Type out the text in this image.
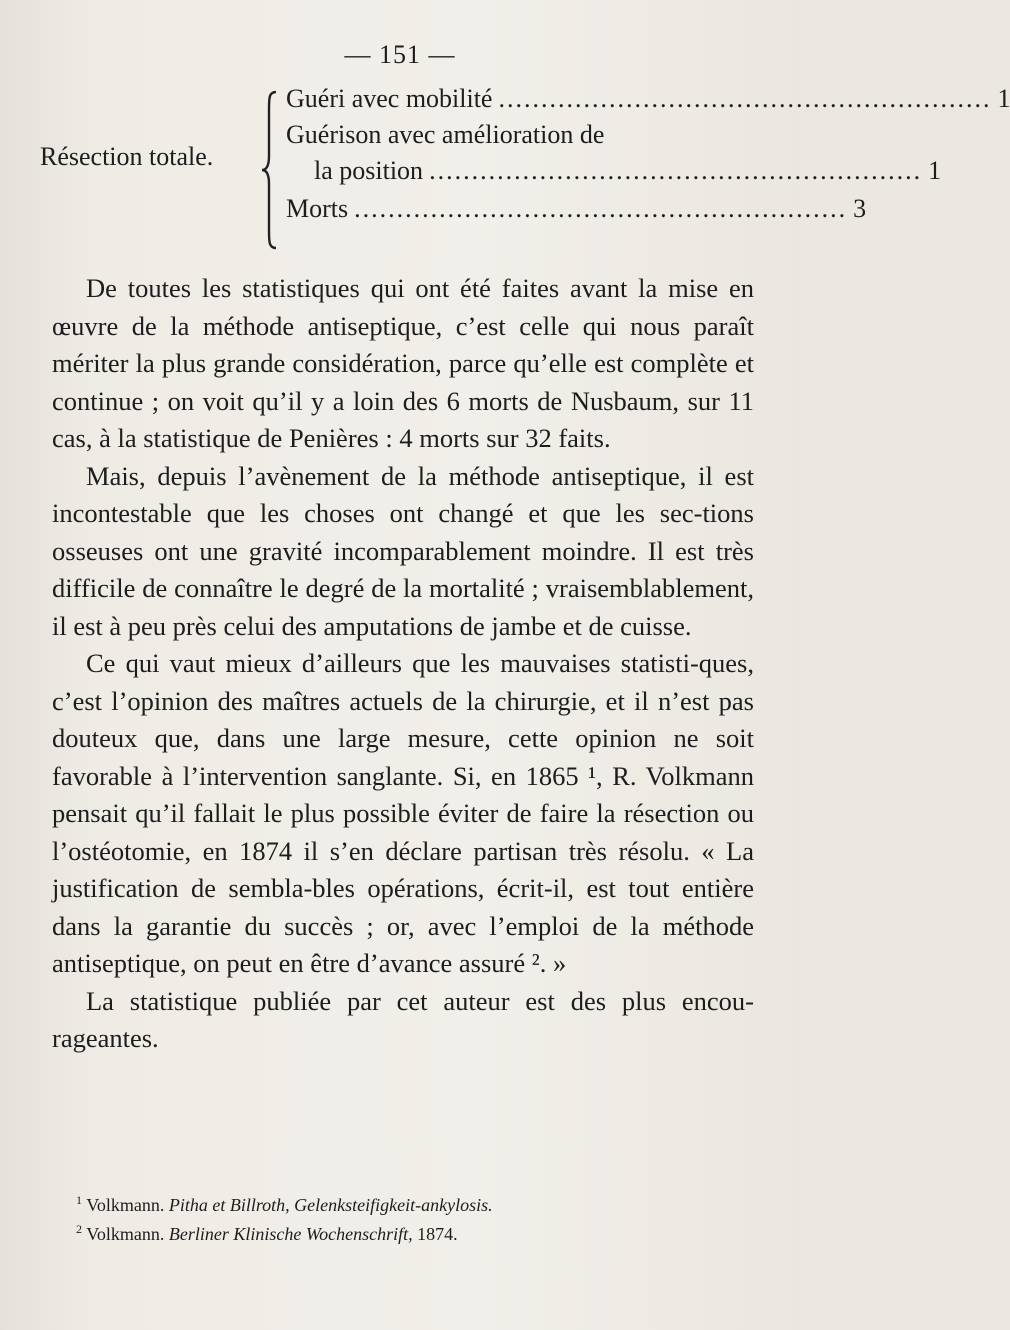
— 151 —
Résection totale.
Guéri avec mobilité .......................................................... 1
Guérison avec amélioration de
la position .......................................................... 1
Morts .......................................................... 3

De toutes les statistiques qui ont été faites avant la mise en œuvre de la méthode antiseptique, c’est celle qui nous paraît mériter la plus grande considération, parce qu’elle est complète et continue ; on voit qu’il y a loin des 6 morts de Nusbaum, sur 11 cas, à la statistique de Penières : 4 morts sur 32 faits.

Mais, depuis l’avènement de la méthode antiseptique, il est incontestable que les choses ont changé et que les sec-tions osseuses ont une gravité incomparablement moindre. Il est très difficile de connaître le degré de la mortalité ; vraisemblablement, il est à peu près celui des amputations de jambe et de cuisse.

Ce qui vaut mieux d’ailleurs que les mauvaises statisti-ques, c’est l’opinion des maîtres actuels de la chirurgie, et il n’est pas douteux que, dans une large mesure, cette opinion ne soit favorable à l’intervention sanglante. Si, en 1865 ¹, R. Volkmann pensait qu’il fallait le plus possible éviter de faire la résection ou l’ostéotomie, en 1874 il s’en déclare partisan très résolu. « La justification de sembla-bles opérations, écrit-il, est tout entière dans la garantie du succès ; or, avec l’emploi de la méthode antiseptique, on peut en être d’avance assuré ². »

La statistique publiée par cet auteur est des plus encou-rageantes.

$^1$ Volkmann. Pitha et Billroth, Gelenksteifigkeit-ankylosis.
$^2$ Volkmann. Berliner Klinische Wochenschrift, 1874.
